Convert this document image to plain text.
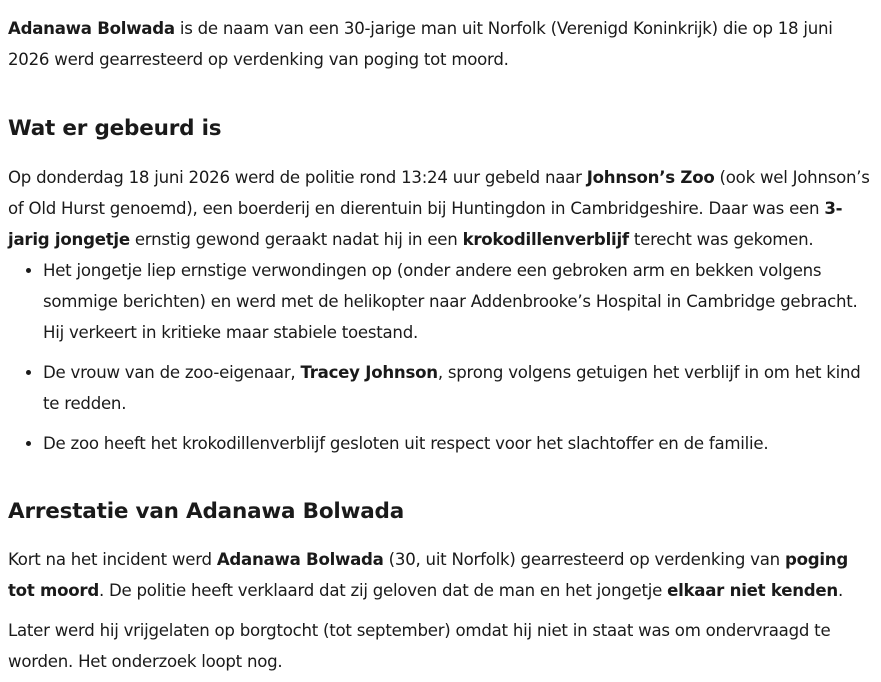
Adanawa Bolwada is de naam van een 30-jarige man uit Norfolk (Verenigd Koninkrijk) die op 18 juni 2026 werd gearresteerd op verdenking van poging tot moord.

Wat er gebeurd is

Op donderdag 18 juni 2026 werd de politie rond 13:24 uur gebeld naar Johnson’s Zoo (ook wel Johnson’s of Old Hurst genoemd), een boerderij en dierentuin bij Huntingdon in Cambridgeshire. Daar was een 3-jarig jongetje ernstig gewond geraakt nadat hij in een krokodillenverblijf terecht was gekomen.

Het jongetje liep ernstige verwondingen op (onder andere een gebroken arm en bekken volgens sommige berichten) en werd met de helikopter naar Addenbrooke’s Hospital in Cambridge gebracht. Hij verkeert in kritieke maar stabiele toestand.
De vrouw van de zoo-eigenaar, Tracey Johnson, sprong volgens getuigen het verblijf in om het kind te redden.
De zoo heeft het krokodillenverblijf gesloten uit respect voor het slachtoffer en de familie.
Arrestatie van Adanawa Bolwada

Kort na het incident werd Adanawa Bolwada (30, uit Norfolk) gearresteerd op verdenking van poging tot moord. De politie heeft verklaard dat zij geloven dat de man en het jongetje elkaar niet kenden.

Later werd hij vrijgelaten op borgtocht (tot september) omdat hij niet in staat was om ondervraagd te worden. Het onderzoek loopt nog.
